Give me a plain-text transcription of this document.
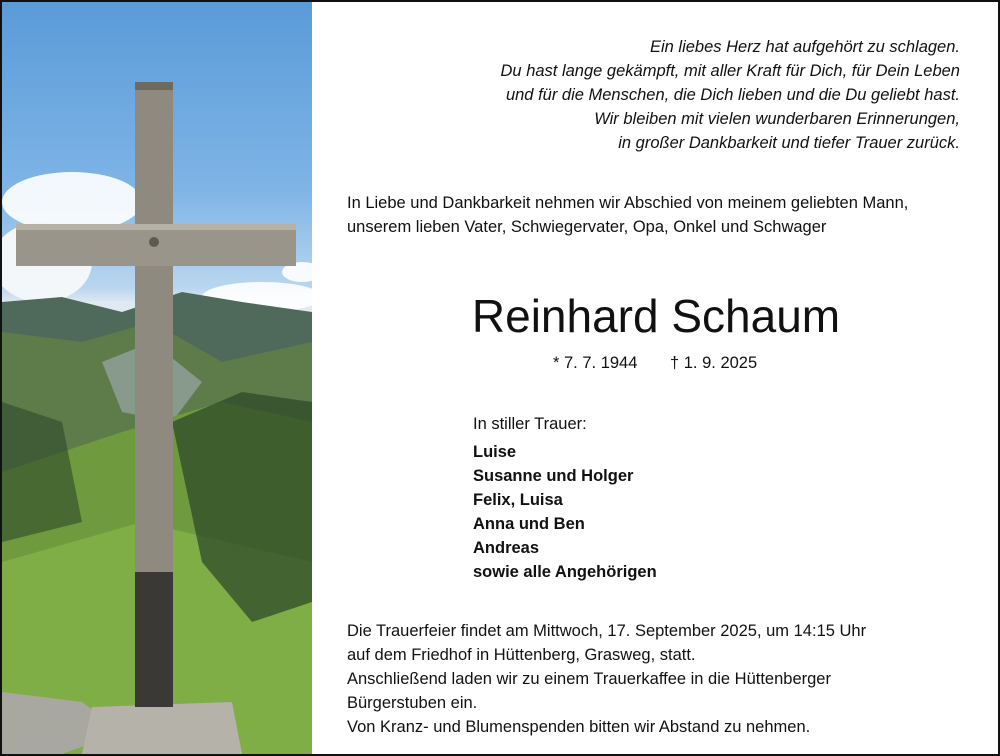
Ein liebes Herz hat aufgehört zu schlagen.
Du hast lange gekämpft, mit aller Kraft für Dich, für Dein Leben
und für die Menschen, die Dich lieben und die Du geliebt hast.
Wir bleiben mit vielen wunderbaren Erinnerungen,
in großer Dankbarkeit und tiefer Trauer zurück.
In Liebe und Dankbarkeit nehmen wir Abschied von meinem geliebten Mann,
unserem lieben Vater, Schwiegervater, Opa, Onkel und Schwager
Reinhard Schaum
* 7. 7. 1944 † 1. 9. 2025
In stiller Trauer:
Luise
Susanne und Holger
Felix, Luisa
Anna und Ben
Andreas
sowie alle Angehörigen
Die Trauerfeier findet am Mittwoch, 17. September 2025, um 14:15 Uhr
auf dem Friedhof in Hüttenberg, Grasweg, statt.
Anschließend laden wir zu einem Trauerkaffee in die Hüttenberger
Bürgerstuben ein.
Von Kranz- und Blumenspenden bitten wir Abstand zu nehmen.
